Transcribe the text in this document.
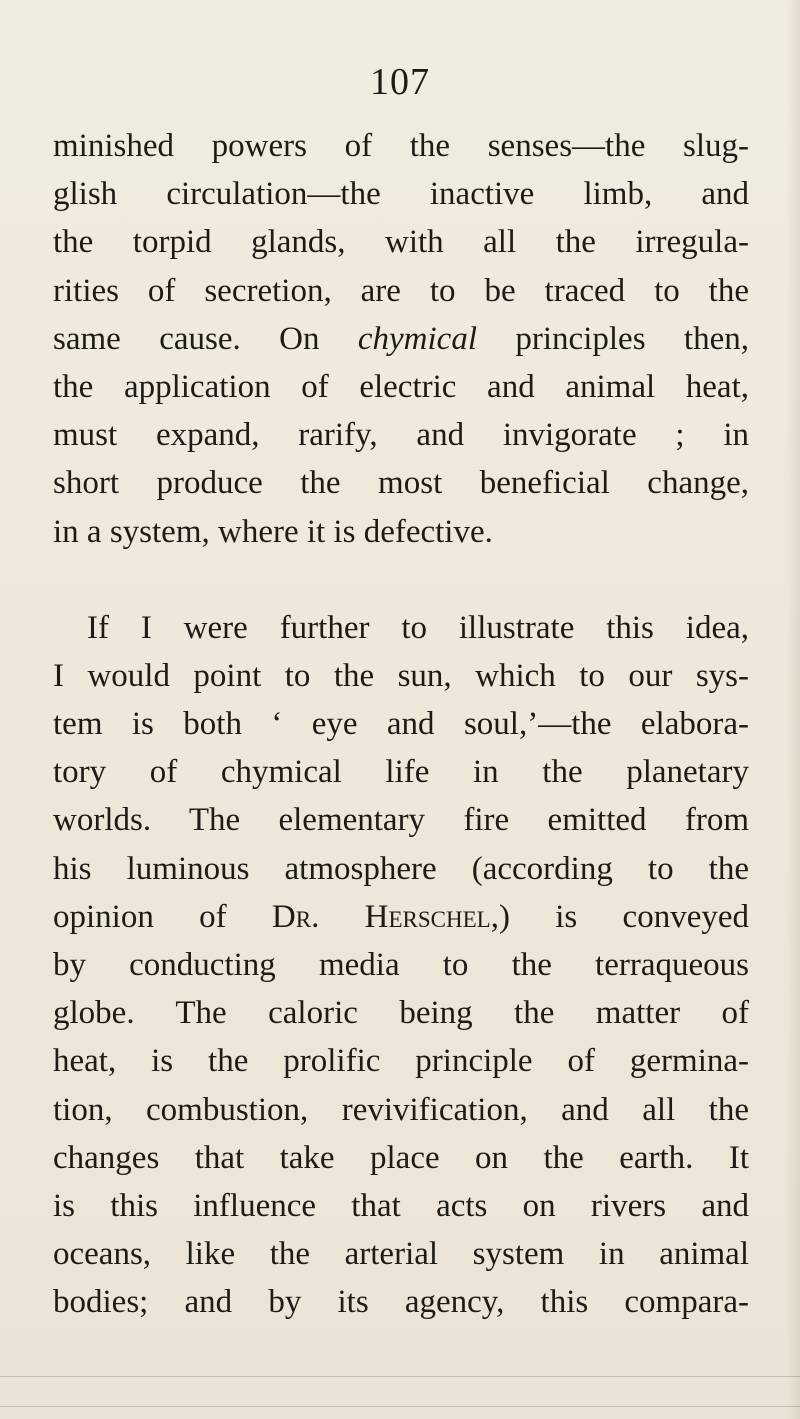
107
minished powers of the senses—the slug-
glish circulation—the inactive limb, and
the torpid glands, with all the irregula-
rities of secretion, are to be traced to the
same cause. On chymical principles then,
the application of electric and animal heat,
must expand, rarify, and invigorate ; in
short produce the most beneficial change,
in a system, where it is defective.
If I were further to illustrate this idea,
I would point to the sun, which to our sys-
tem is both ‘ eye and soul,’—the elabora-
tory of chymical life in the planetary
worlds. The elementary fire emitted from
his luminous atmosphere (according to the
opinion of Dr. Herschel,) is conveyed
by conducting media to the terraqueous
globe. The caloric being the matter of
heat, is the prolific principle of germina-
tion, combustion, revivification, and all the
changes that take place on the earth. It
is this influence that acts on rivers and
oceans, like the arterial system in animal
bodies; and by its agency, this compara-
